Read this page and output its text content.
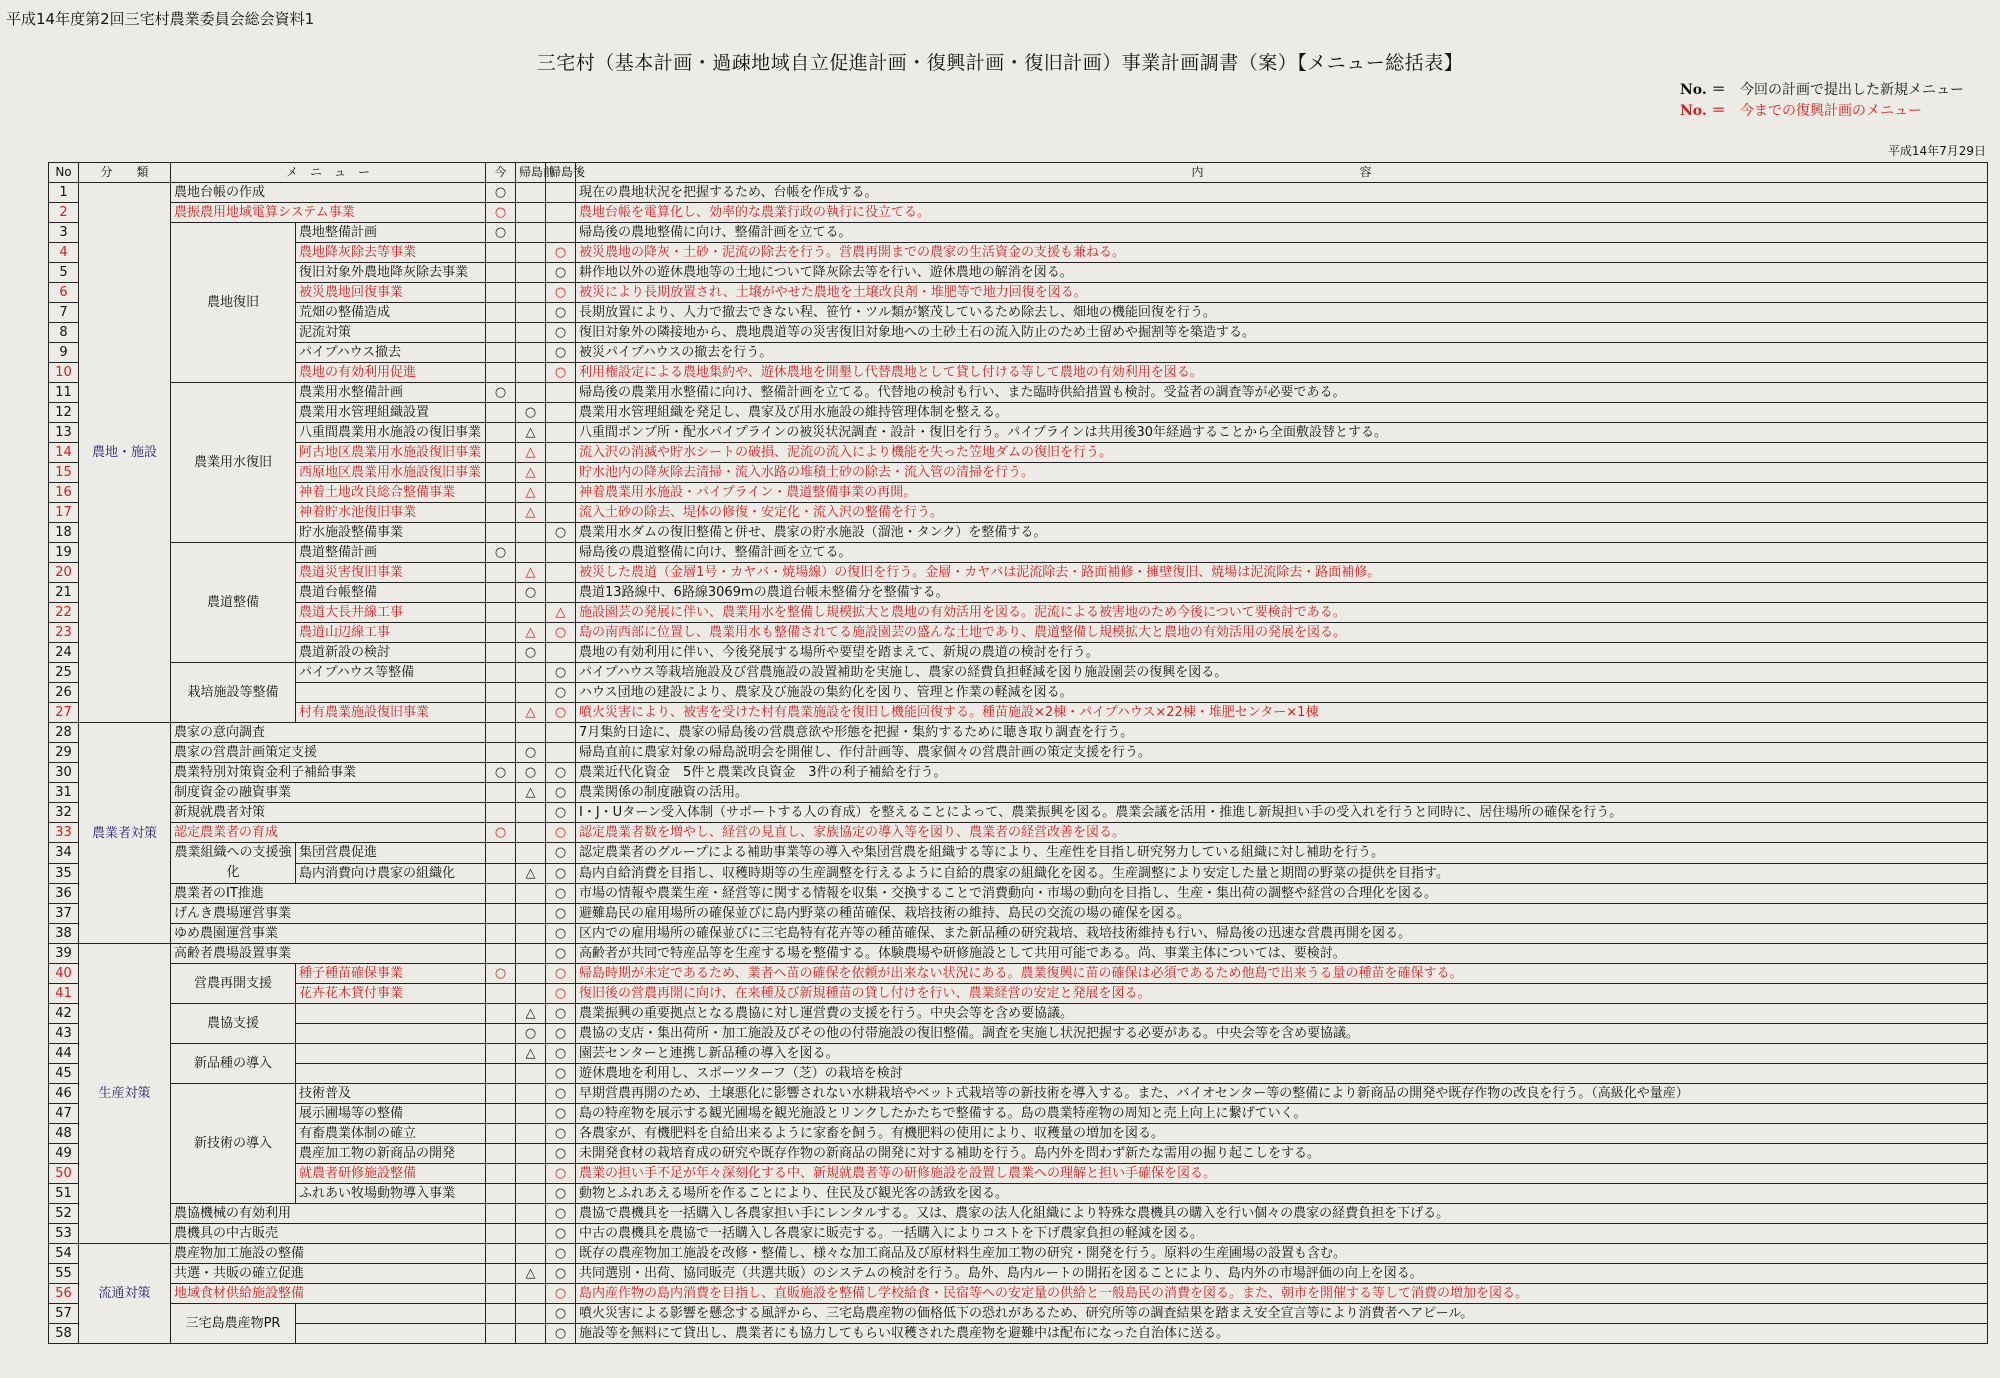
平成14年度第2回三宅村農業委員会総会資料1
三宅村（基本計画・過疎地域自立促進計画・復興計画・復旧計画）事業計画調書（案）【メニュー総括表】
No. ＝ 今回の計画で提出した新規メニュー
No. ＝ 今までの復興計画のメニュー
平成14年7月29日
No	分　　類	メ　ニ　ュ　ー		今	帰島前	帰島後	内　　　　　　　　　　　　　容
1	農地・施設	農地台帳の作成		○			現在の農地状況を把握するため、台帳を作成する。
2		農振農用地域電算システム事業		○			農地台帳を電算化し、効率的な農業行政の執行に役立てる。
3		農地復旧	農地整備計画	○			帰島後の農地整備に向け、整備計画を立てる。
4			農地降灰除去等事業			○	被災農地の降灰・土砂・泥流の除去を行う。営農再開までの農家の生活資金の支援も兼ねる。
5			復旧対象外農地降灰除去事業			○	耕作地以外の遊休農地等の土地について降灰除去等を行い、遊休農地の解消を図る。
6			被災農地回復事業			○	被災により長期放置され、土壌がやせた農地を土壌改良剤・堆肥等で地力回復を図る。
7			荒畑の整備造成			○	長期放置により、人力で撤去できない程、笹竹・ツル類が繁茂しているため除去し、畑地の機能回復を行う。
8			泥流対策			○	復旧対象外の隣接地から、農地農道等の災害復旧対象地への土砂土石の流入防止のため土留めや掘割等を築造する。
9			パイプハウス撤去			○	被災パイプハウスの撤去を行う。
10			農地の有効利用促進			○	利用権設定による農地集約や、遊休農地を開墾し代替農地として貸し付ける等して農地の有効利用を図る。
11		農業用水復旧	農業用水整備計画	○			帰島後の農業用水整備に向け、整備計画を立てる。代替地の検討も行い、また臨時供給措置も検討。受益者の調査等が必要である。
12			農業用水管理組織設置		○		農業用水管理組織を発足し、農家及び用水施設の維持管理体制を整える。
13			八重間農業用水施設の復旧事業		△		八重間ポンプ所・配水パイプラインの被災状況調査・設計・復旧を行う。パイプラインは共用後30年経過することから全面敷設替とする。
14			阿古地区農業用水施設復旧事業		△		流入沢の消滅や貯水シートの破損、泥流の流入により機能を失った笠地ダムの復旧を行う。
15			西原地区農業用水施設復旧事業		△		貯水池内の降灰除去清掃・流入水路の堆積土砂の除去・流入管の清掃を行う。
16			神着土地改良総合整備事業		△		神着農業用水施設・パイプライン・農道整備事業の再開。
17			神着貯水池復旧事業		△		流入土砂の除去、堤体の修復・安定化・流入沢の整備を行う。
18			貯水施設整備事業			○	農業用水ダムの復旧整備と併せ、農家の貯水施設（溜池・タンク）を整備する。
19		農道整備	農道整備計画	○			帰島後の農道整備に向け、整備計画を立てる。
20			農道災害復旧事業		△		被災した農道（金層1号・カヤバ・焼場線）の復旧を行う。金層・カヤバは泥流除去・路面補修・擁壁復旧、焼場は泥流除去・路面補修。
21			農道台帳整備		○		農道13路線中、6路線3069mの農道台帳未整備分を整備する。
22			農道大長井線工事			△	施設園芸の発展に伴い、農業用水を整備し規模拡大と農地の有効活用を図る。泥流による被害地のため今後について要検討である。
23			農道山辺線工事		△	○	島の南西部に位置し、農業用水も整備されてる施設園芸の盛んな土地であり、農道整備し規模拡大と農地の有効活用の発展を図る。
24			農道新設の検討		○		農地の有効利用に伴い、今後発展する場所や要望を踏まえて、新規の農道の検討を行う。
25		栽培施設等整備	パイプハウス等整備			○	パイプハウス等栽培施設及び営農施設の設置補助を実施し、農家の経費負担軽減を図り施設園芸の復興を図る。
26						○	ハウス団地の建設により、農家及び施設の集約化を図り、管理と作業の軽減を図る。
27			村有農業施設復旧事業		△	○	噴火災害により、被害を受けた村有農業施設を復旧し機能回復する。種苗施設×2棟・パイプハウス×22棟・堆肥センター×1棟
28	農業者対策	農家の意向調査					7月集約日途に、農家の帰島後の営農意欲や形態を把握・集約するために聴き取り調査を行う。
29		農家の営農計画策定支援			○		帰島直前に農家対象の帰島説明会を開催し、作付計画等、農家個々の営農計画の策定支援を行う。
30		農業特別対策資金利子補給事業		○	○	○	農業近代化資金　5件と農業改良資金　3件の利子補給を行う。
31		制度資金の融資事業			△	○	農業関係の制度融資の活用。
32		新規就農者対策				○	I・J・Uターン受入体制（サポートする人の育成）を整えることによって、農業振興を図る。農業会議を活用・推進し新規担い手の受入れを行うと同時に、居住場所の確保を行う。
33		認定農業者の育成		○		○	認定農業者数を増やし、経営の見直し、家族協定の導入等を図り、農業者の経営改善を図る。
34		農業組織への支援強化	集団営農促進			○	認定農業者のグループによる補助事業等の導入や集団営農を組織する等により、生産性を目指し研究努力している組織に対し補助を行う。
35			島内消費向け農家の組織化		△	○	島内自給消費を目指し、収穫時期等の生産調整を行えるように自給的農家の組織化を図る。生産調整により安定した量と期間の野菜の提供を目指す。
36		農業者のIT推進				○	市場の情報や農業生産・経営等に関する情報を収集・交換することで消費動向・市場の動向を目指し、生産・集出荷の調整や経営の合理化を図る。
37		げんき農場運営事業				○	避難島民の雇用場所の確保並びに島内野菜の種苗確保、栽培技術の維持、島民の交流の場の確保を図る。
38		ゆめ農園運営事業				○	区内での雇用場所の確保並びに三宅島特有花卉等の種苗確保、また新品種の研究栽培、栽培技術維持も行い、帰島後の迅速な営農再開を図る。
39	生産対策	高齢者農場設置事業				○	高齢者が共同で特産品等を生産する場を整備する。体験農場や研修施設として共用可能である。尚、事業主体については、要検討。
40		営農再開支援	種子種苗確保事業	○		○	帰島時期が未定であるため、業者へ苗の確保を依頼が出来ない状況にある。農業復興に苗の確保は必須であるため他島で出来うる量の種苗を確保する。
41			花卉花木貸付事業			○	復旧後の営農再開に向け、在来種及び新規種苗の貸し付けを行い、農業経営の安定と発展を図る。
42		農協支援			△	○	農業振興の重要拠点となる農協に対し運営費の支援を行う。中央会等を含め要協議。
43					○	○	農協の支店・集出荷所・加工施設及びその他の付帯施設の復旧整備。調査を実施し状況把握する必要がある。中央会等を含め要協議。
44		新品種の導入			△	○	園芸センターと連携し新品種の導入を図る。
45						○	遊休農地を利用し、スポーツターフ（芝）の栽培を検討
46		新技術の導入	技術普及			○	早期営農再開のため、土壌悪化に影響されない水耕栽培やベット式栽培等の新技術を導入する。また、バイオセンター等の整備により新商品の開発や既存作物の改良を行う。（高級化や量産）
47			展示圃場等の整備			○	島の特産物を展示する観光圃場を観光施設とリンクしたかたちで整備する。島の農業特産物の周知と売上向上に繋げていく。
48			有畜農業体制の確立			○	各農家が、有機肥料を自給出来るように家畜を飼う。有機肥料の使用により、収穫量の増加を図る。
49			農産加工物の新商品の開発			○	未開発食材の栽培育成の研究や既存作物の新商品の開発に対する補助を行う。島内外を問わず新たな需用の掘り起こしをする。
50			就農者研修施設整備			○	農業の担い手不足が年々深刻化する中、新規就農者等の研修施設を設置し農業への理解と担い手確保を図る。
51			ふれあい牧場動物導入事業			○	動物とふれあえる場所を作ることにより、住民及び観光客の誘致を図る。
52		農協機械の有効利用				○	農協で農機具を一括購入し各農家担い手にレンタルする。又は、農家の法人化組織により特殊な農機具の購入を行い個々の農家の経費負担を下げる。
53		農機具の中古販売				○	中古の農機具を農協で一括購入し各農家に販売する。一括購入によりコストを下げ農家負担の軽減を図る。
54	流通対策	農産物加工施設の整備				○	既存の農産物加工施設を改修・整備し、様々な加工商品及び原材料生産加工物の研究・開発を行う。原料の生産圃場の設置も含む。
55		共選・共販の確立促進			△	○	共同選別・出荷、協同販売（共選共販）のシステムの検討を行う。島外、島内ルートの開拓を図ることにより、島内外の市場評価の向上を図る。
56		地域食材供給施設整備				○	島内産作物の島内消費を目指し、直販施設を整備し学校給食・民宿等への安定量の供給と一般島民の消費を図る。また、朝市を開催する等して消費の増加を図る。
57		三宅島農産物PR				○	噴火災害による影響を懸念する風評から、三宅島農産物の価格低下の恐れがあるため、研究所等の調査結果を踏まえ安全宣言等により消費者へアピール。
58						○	施設等を無料にて貸出し、農業者にも協力してもらい収穫された農産物を避難中は配布になった自治体に送る。
